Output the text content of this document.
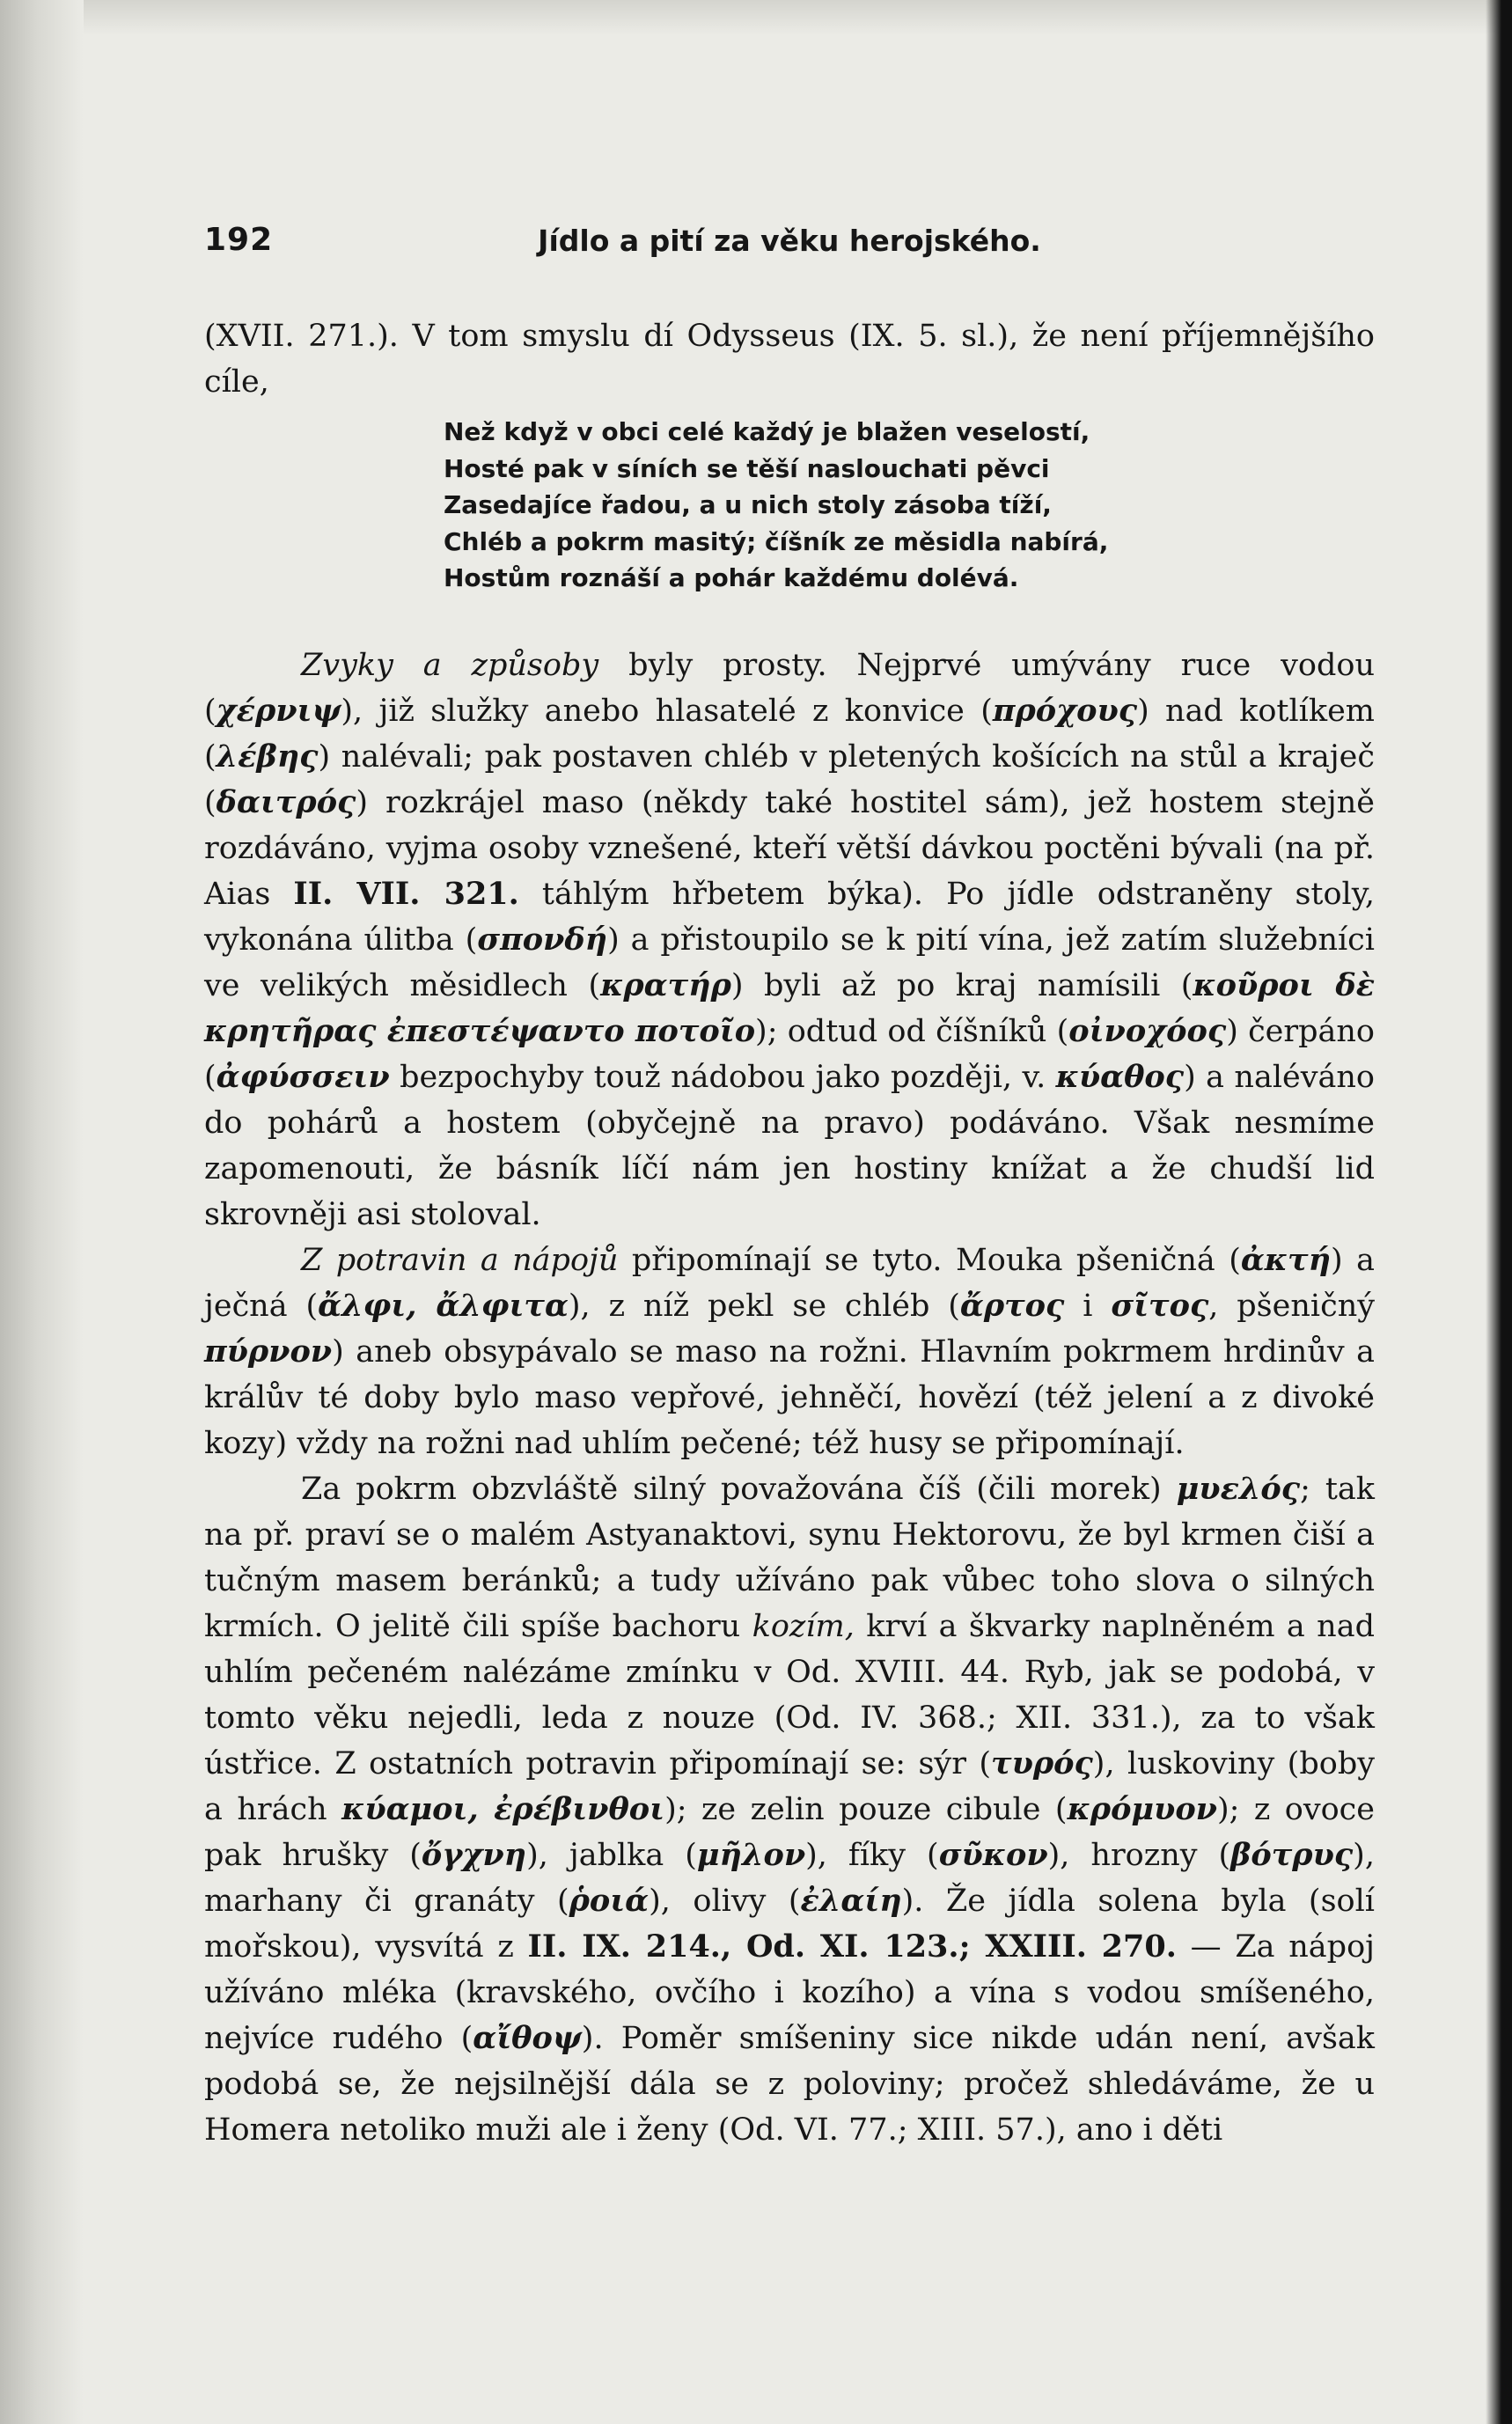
192	Jídlo a pití za věku herojského.
(XVII. 271.). V tom smyslu dí Odysseus (IX. 5. sl.), že není příjemnějšího cíle,
Než když v obci celé každý je blažen veselostí,
Hosté pak v síních se těší naslouchati pěvci
Zasedajíce řadou, a u nich stoly zásoba tíží,
Chléb a pokrm masitý; číšník ze měsidla nabírá,
Hostům roznáší a pohár každému dolévá.

Zvyky a způsoby byly prosty. Nejprvé umývány ruce vodou (χέρνιψ), již služky anebo hlasatelé z konvice (πρόχους) nad kotlíkem (λέβης) nalévali; pak postaven chléb v pletených košících na stůl a kraječ (δαιτρός) rozkrájel maso (někdy také hostitel sám), jež hostem stejně rozdáváno, vyjma osoby vznešené, kteří větší dávkou poctěni bývali (na př. Aias II. VII. 321. táhlým hřbetem býka). Po jídle odstraněny stoly, vykonána úlitba (σπονδή) a přistoupilo se k pití vína, jež zatím služebníci ve velikých měsidlech (κρατήρ) byli až po kraj namísili (κοῦροι δὲ κρητῆρας ἐπεστέψαντο ποτοῖο); odtud od číšníků (οἰνοχόος) čerpáno (ἀφύσσειν bezpochyby touž nádobou jako později, v. κύαθος) a naléváno do pohárů a hostem (obyčejně na pravo) podáváno. Však nesmíme zapomenouti, že básník líčí nám jen hostiny knížat a že chudší lid skrovněji asi stoloval.

Z potravin a nápojů připomínají se tyto. Mouka pšeničná (ἀκτή) a ječná (ἄλφι, ἄλφιτα), z níž pekl se chléb (ἄρτος i σῖτος, pšeničný πύρνον) aneb obsypávalo se maso na rožni. Hlavním pokrmem hrdinův a králův té doby bylo maso vepřové, jehněčí, hovězí (též jelení a z divoké kozy) vždy na rožni nad uhlím pečené; též husy se připomínají.

Za pokrm obzvláště silný považována číš (čili morek) μυελός; tak na př. praví se o malém Astyanaktovi, synu Hektorovu, že byl krmen čiší a tučným masem beránků; a tudy užíváno pak vůbec toho slova o silných krmích. O jelitě čili spíše bachoru kozím, krví a škvarky naplněném a nad uhlím pečeném nalézáme zmínku v Od. XVIII. 44. Ryb, jak se podobá, v tomto věku nejedli, leda z nouze (Od. IV. 368.; XII. 331.), za to však ústřice. Z ostatních potravin připomínají se: sýr (τυρός), luskoviny (boby a hrách κύαμοι, ἐρέβινθοι); ze zelin pouze cibule (κρόμυον); z ovoce pak hrušky (ὄγχνη), jablka (μῆλον), fíky (σῦκον), hrozny (βότρυς), marhany či granáty (ῥοιά), olivy (ἐλαίη). Že jídla solena byla (solí mořskou), vysvítá z II. IX. 214., Od. XI. 123.; XXIII. 270. — Za nápoj užíváno mléka (kravského, ovčího i kozího) a vína s vodou smíšeného, nejvíce rudého (αἴθοψ). Poměr smíšeniny sice nikde udán není, avšak podobá se, že nejsilnější dála se z poloviny; pročež shledáváme, že u Homera netoliko muži ale i ženy (Od. VI. 77.; XIII. 57.), ano i děti
